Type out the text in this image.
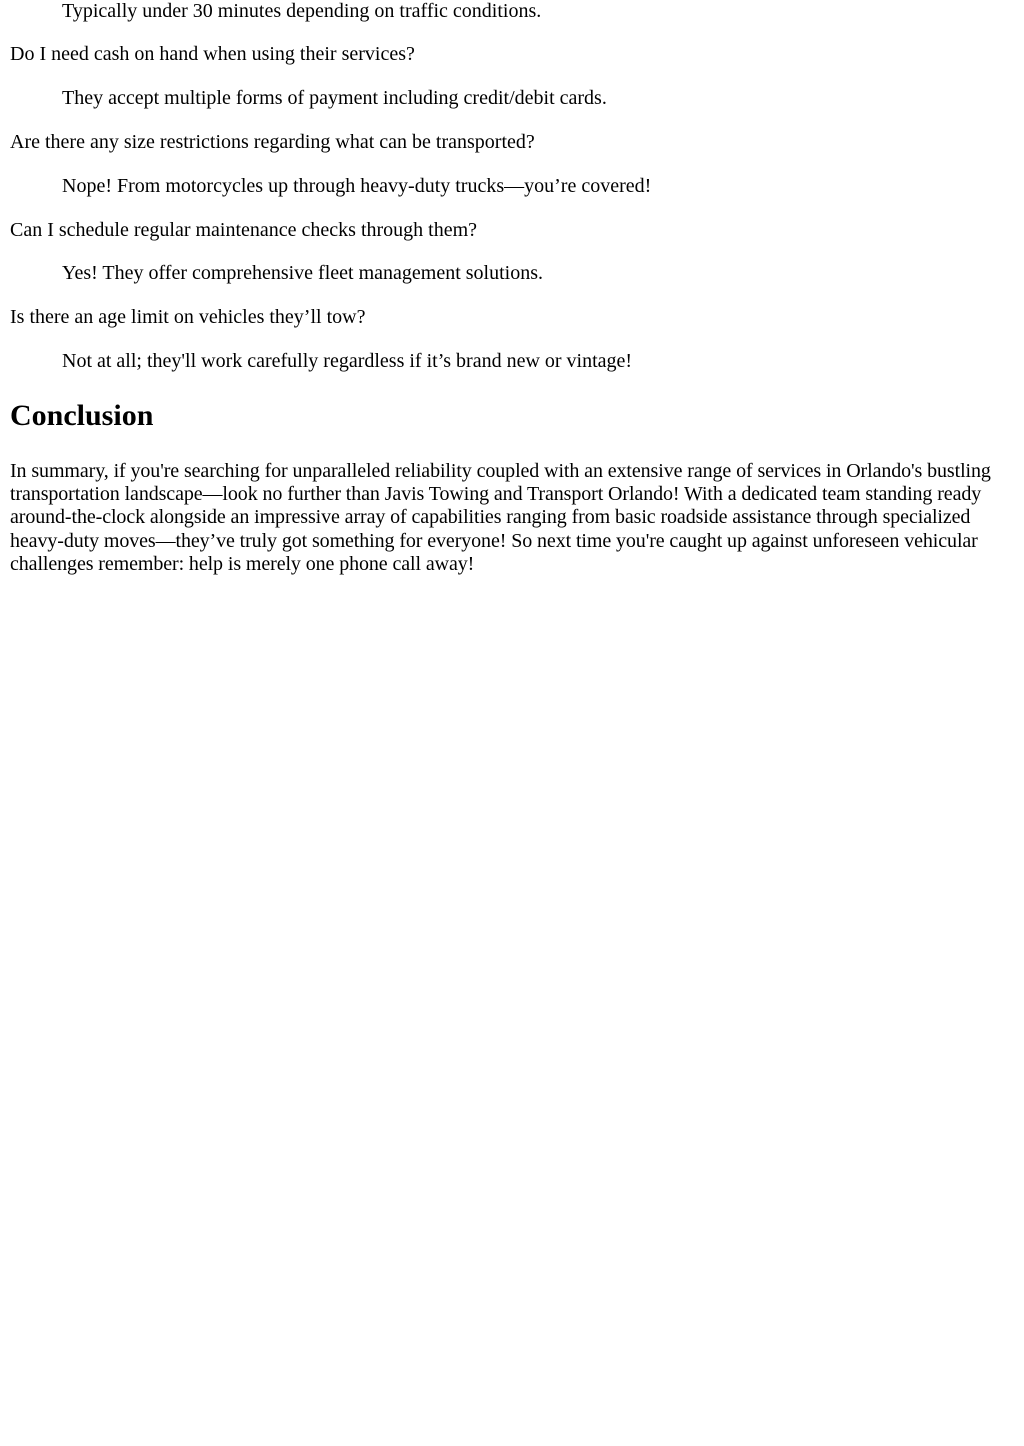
Typically under 30 minutes depending on traffic conditions.

Do I need cash on hand when using their services?

They accept multiple forms of payment including credit/debit cards.

Are there any size restrictions regarding what can be transported?

Nope! From motorcycles up through heavy-duty trucks—you’re covered!

Can I schedule regular maintenance checks through them?

Yes! They offer comprehensive fleet management solutions.

Is there an age limit on vehicles they’ll tow?

Not at all; they'll work carefully regardless if it’s brand new or vintage!

Conclusion

In summary, if you're searching for unparalleled reliability coupled with an extensive range of services in Orlando's bustling transportation landscape—look no further than Javis Towing and Transport Orlando! With a dedicated team standing ready around-the-clock alongside an impressive array of capabilities ranging from basic roadside assistance through specialized heavy-duty moves—they’ve truly got something for everyone! So next time you're caught up against unforeseen vehicular challenges remember: help is merely one phone call away!
